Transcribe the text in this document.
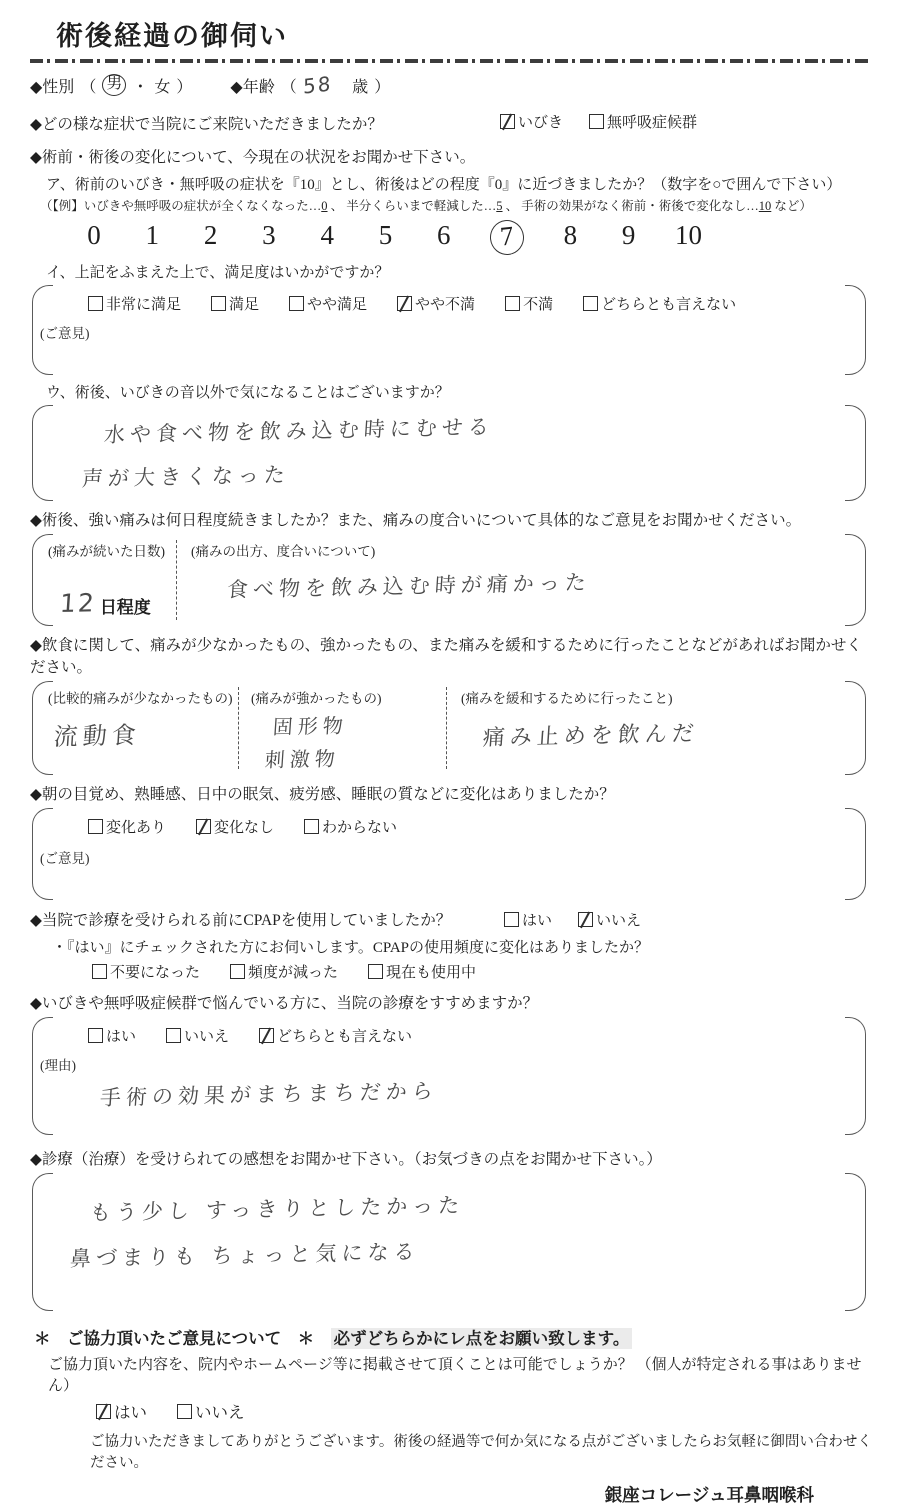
術後経過の御伺い
◆性別 （ 男 ・ 女 ） ◆年齢 （ 58 歳 ）
◆どの様な症状で当院にご来院いただきましたか？	いびき	無呼吸症候群
◆術前・術後の変化について、今現在の状況をお聞かせ下さい。
ア、術前のいびき・無呼吸の症状を『10』とし、術後はどの程度『0』に近づきましたか？（数字を○で囲んで下さい）
（【例】いびきや無呼吸の症状が全くなくなった…0 、 半分くらいまで軽減した…5 、 手術の効果がなく術前・術後で変化なし…10 など）
0 1 2 3 4 5 6	7	8 9 10
イ、上記をふまえた上で、満足度はいかがですか？
非常に満足
	満足
	やや満足
	やや不満
	不満
	どちらとも言えない
(ご意見)
ウ、術後、いびきの音以外で気になることはございますか？
水や食べ物を飲み込む時にむせる
声が大きくなった
◆術後、強い痛みは何日程度続きましたか？また、痛みの度合いについて具体的なご意見をお聞かせください。
(痛みが続いた日数)
12 日程度
(痛みの出方、度合いについて)
食べ物を飲み込む時が痛かった
◆飲食に関して、痛みが少なかったもの、強かったもの、また痛みを緩和するために行ったことなどがあればお聞かせください。
(比較的痛みが少なかったもの)
流動食
(痛みが強かったもの)
固形物
刺激物
(痛みを緩和するために行ったこと)
痛み止めを飲んだ
◆朝の目覚め、熟睡感、日中の眠気、疲労感、睡眠の質などに変化はありましたか？
変化あり
	変化なし
	わからない
(ご意見)
◆当院で診療を受けられる前にCPAPを使用していましたか？	はい	いいえ
・『はい』にチェックされた方にお伺いします。CPAPの使用頻度に変化はありましたか？
不要になった
	頻度が減った
	現在も使用中
◆いびきや無呼吸症候群で悩んでいる方に、当院の診療をすすめますか？
はい
	いいえ
	どちらとも言えない
(理由)
手術の効果がまちまちだから
◆診療（治療）を受けられての感想をお聞かせ下さい。（お気づきの点をお聞かせ下さい。）
もう少し すっきりとしたかった
鼻づまりも ちょっと気になる
＊　ご協力頂いたご意見について　＊　必ずどちらかにレ点をお願い致します。
ご協力頂いた内容を、院内やホームページ等に掲載させて頂くことは可能でしょうか？ （個人が特定される事はありません）
はい
	いいえ
ご協力いただきましてありがとうございます。術後の経過等で何か気になる点がございましたらお気軽に御問い合わせください。
銀座コレージュ耳鼻咽喉科
